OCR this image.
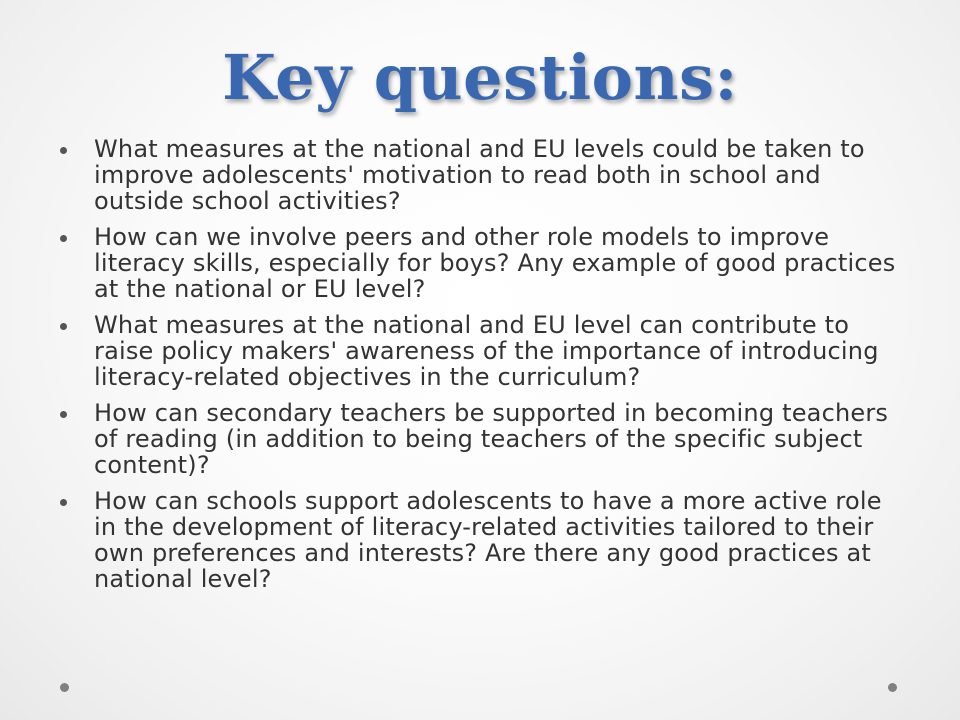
Key questions:
What measures at the national and EU levels could be taken to improve adolescents' motivation to read both in school and outside school activities?
How can we involve peers and other role models to improve literacy skills, especially for boys? Any example of good practices at the national or EU level?
What measures at the national and EU level can contribute to raise policy makers' awareness of the importance of introducing literacy-related objectives in the curriculum?
How can secondary teachers be supported in becoming teachers of reading (in addition to being teachers of the specific subject content)?
How can schools support adolescents to have a more active role in the development of literacy-related activities tailored to their own preferences and interests? Are there any good practices at national level?
